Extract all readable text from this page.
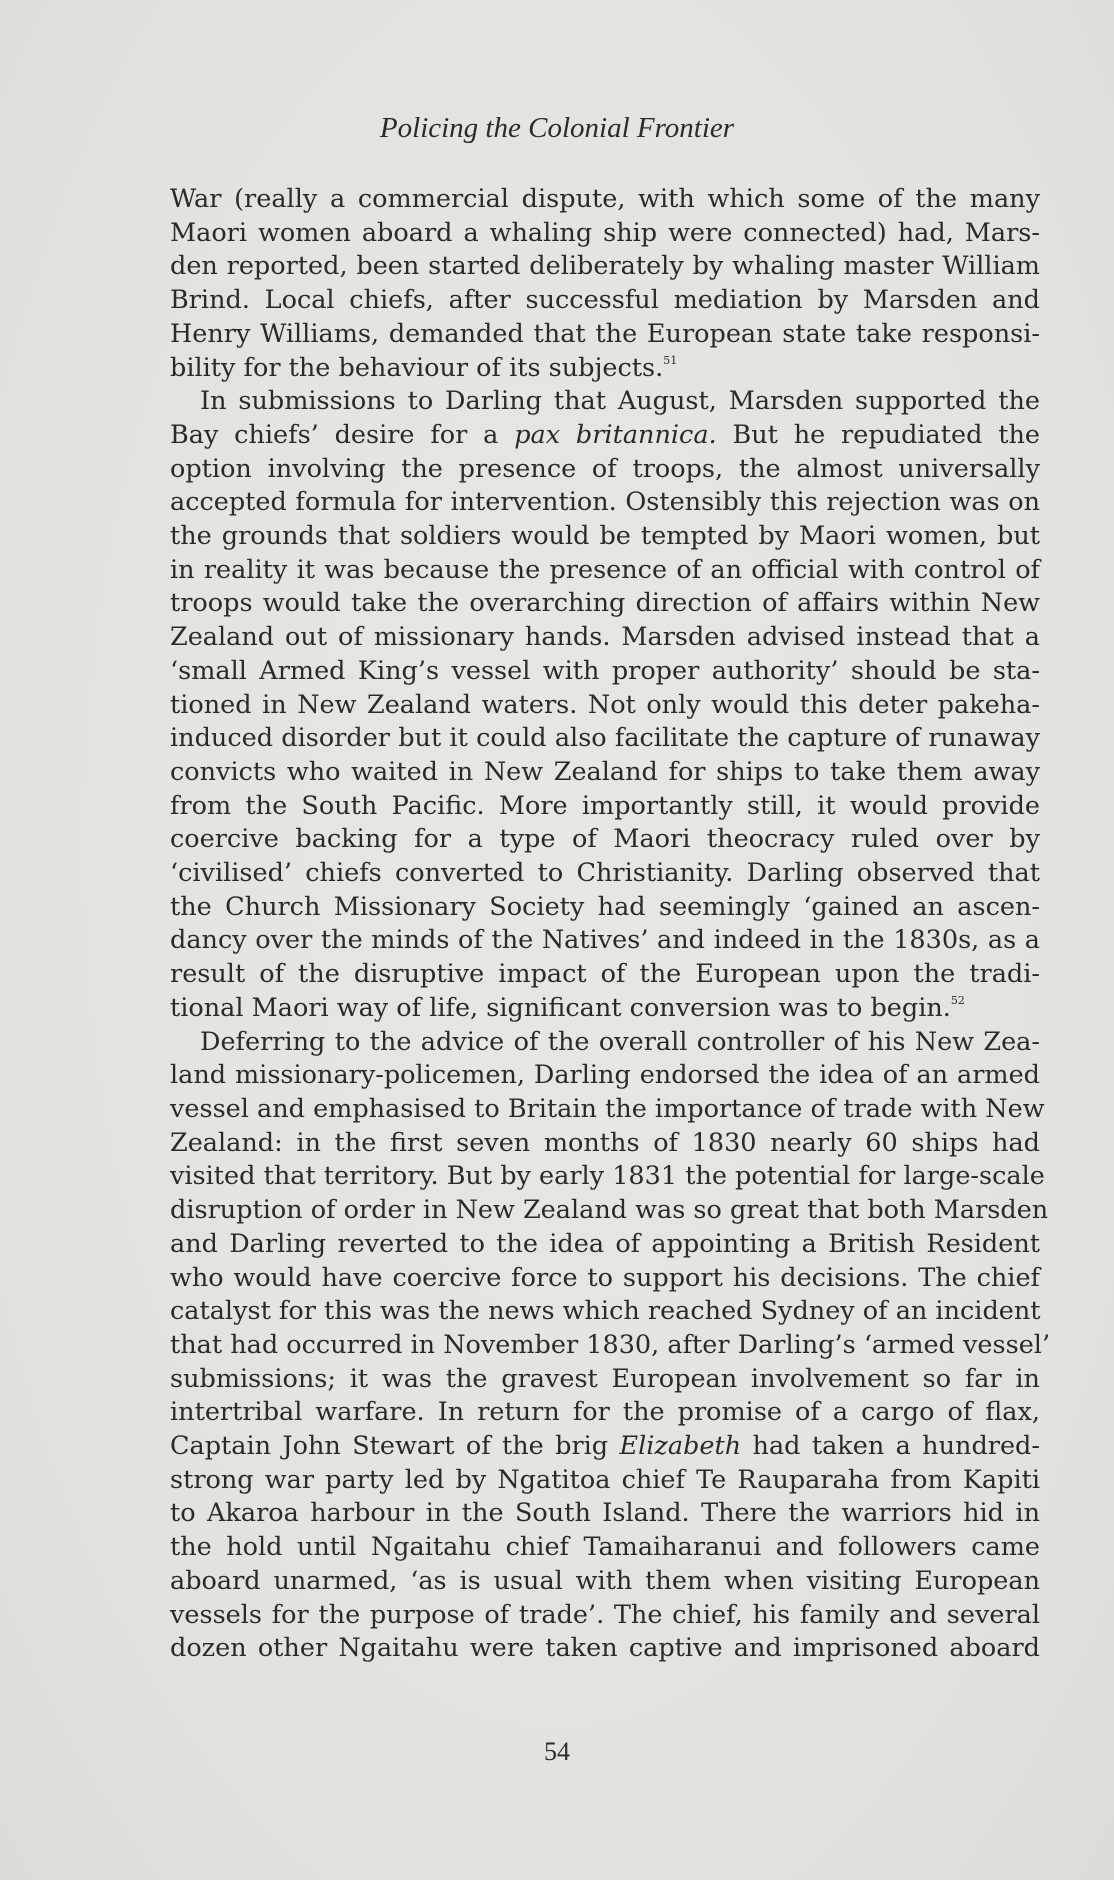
Policing the Colonial Frontier

War (really a commercial dispute, with which some of the many
Maori women aboard a whaling ship were connected) had, Mars-
den reported, been started deliberately by whaling master William
Brind. Local chiefs, after successful mediation by Marsden and
Henry Williams, demanded that the European state take responsi-
bility for the behaviour of its subjects.$^{51}$

In submissions to Darling that August, Marsden supported the
Bay chiefs’ desire for a pax britannica. But he repudiated the
option involving the presence of troops, the almost universally
accepted formula for intervention. Ostensibly this rejection was on
the grounds that soldiers would be tempted by Maori women, but
in reality it was because the presence of an official with control of
troops would take the overarching direction of affairs within New
Zealand out of missionary hands. Marsden advised instead that a
‘small Armed King’s vessel with proper authority’ should be sta-
tioned in New Zealand waters. Not only would this deter pakeha-
induced disorder but it could also facilitate the capture of runaway
convicts who waited in New Zealand for ships to take them away
from the South Pacific. More importantly still, it would provide
coercive backing for a type of Maori theocracy ruled over by
‘civilised’ chiefs converted to Christianity. Darling observed that
the Church Missionary Society had seemingly ‘gained an ascen-
dancy over the minds of the Natives’ and indeed in the 1830s, as a
result of the disruptive impact of the European upon the tradi-
tional Maori way of life, significant conversion was to begin.$^{52}$

Deferring to the advice of the overall controller of his New Zea-
land missionary-policemen, Darling endorsed the idea of an armed
vessel and emphasised to Britain the importance of trade with New
Zealand: in the first seven months of 1830 nearly 60 ships had
visited that territory. But by early 1831 the potential for large-scale
disruption of order in New Zealand was so great that both Marsden
and Darling reverted to the idea of appointing a British Resident
who would have coercive force to support his decisions. The chief
catalyst for this was the news which reached Sydney of an incident
that had occurred in November 1830, after Darling’s ‘armed vessel’
submissions; it was the gravest European involvement so far in
intertribal warfare. In return for the promise of a cargo of flax,
Captain John Stewart of the brig Elizabeth had taken a hundred-
strong war party led by Ngatitoa chief Te Rauparaha from Kapiti
to Akaroa harbour in the South Island. There the warriors hid in
the hold until Ngaitahu chief Tamaiharanui and followers came
aboard unarmed, ‘as is usual with them when visiting European
vessels for the purpose of trade’. The chief, his family and several
dozen other Ngaitahu were taken captive and imprisoned aboard

54
